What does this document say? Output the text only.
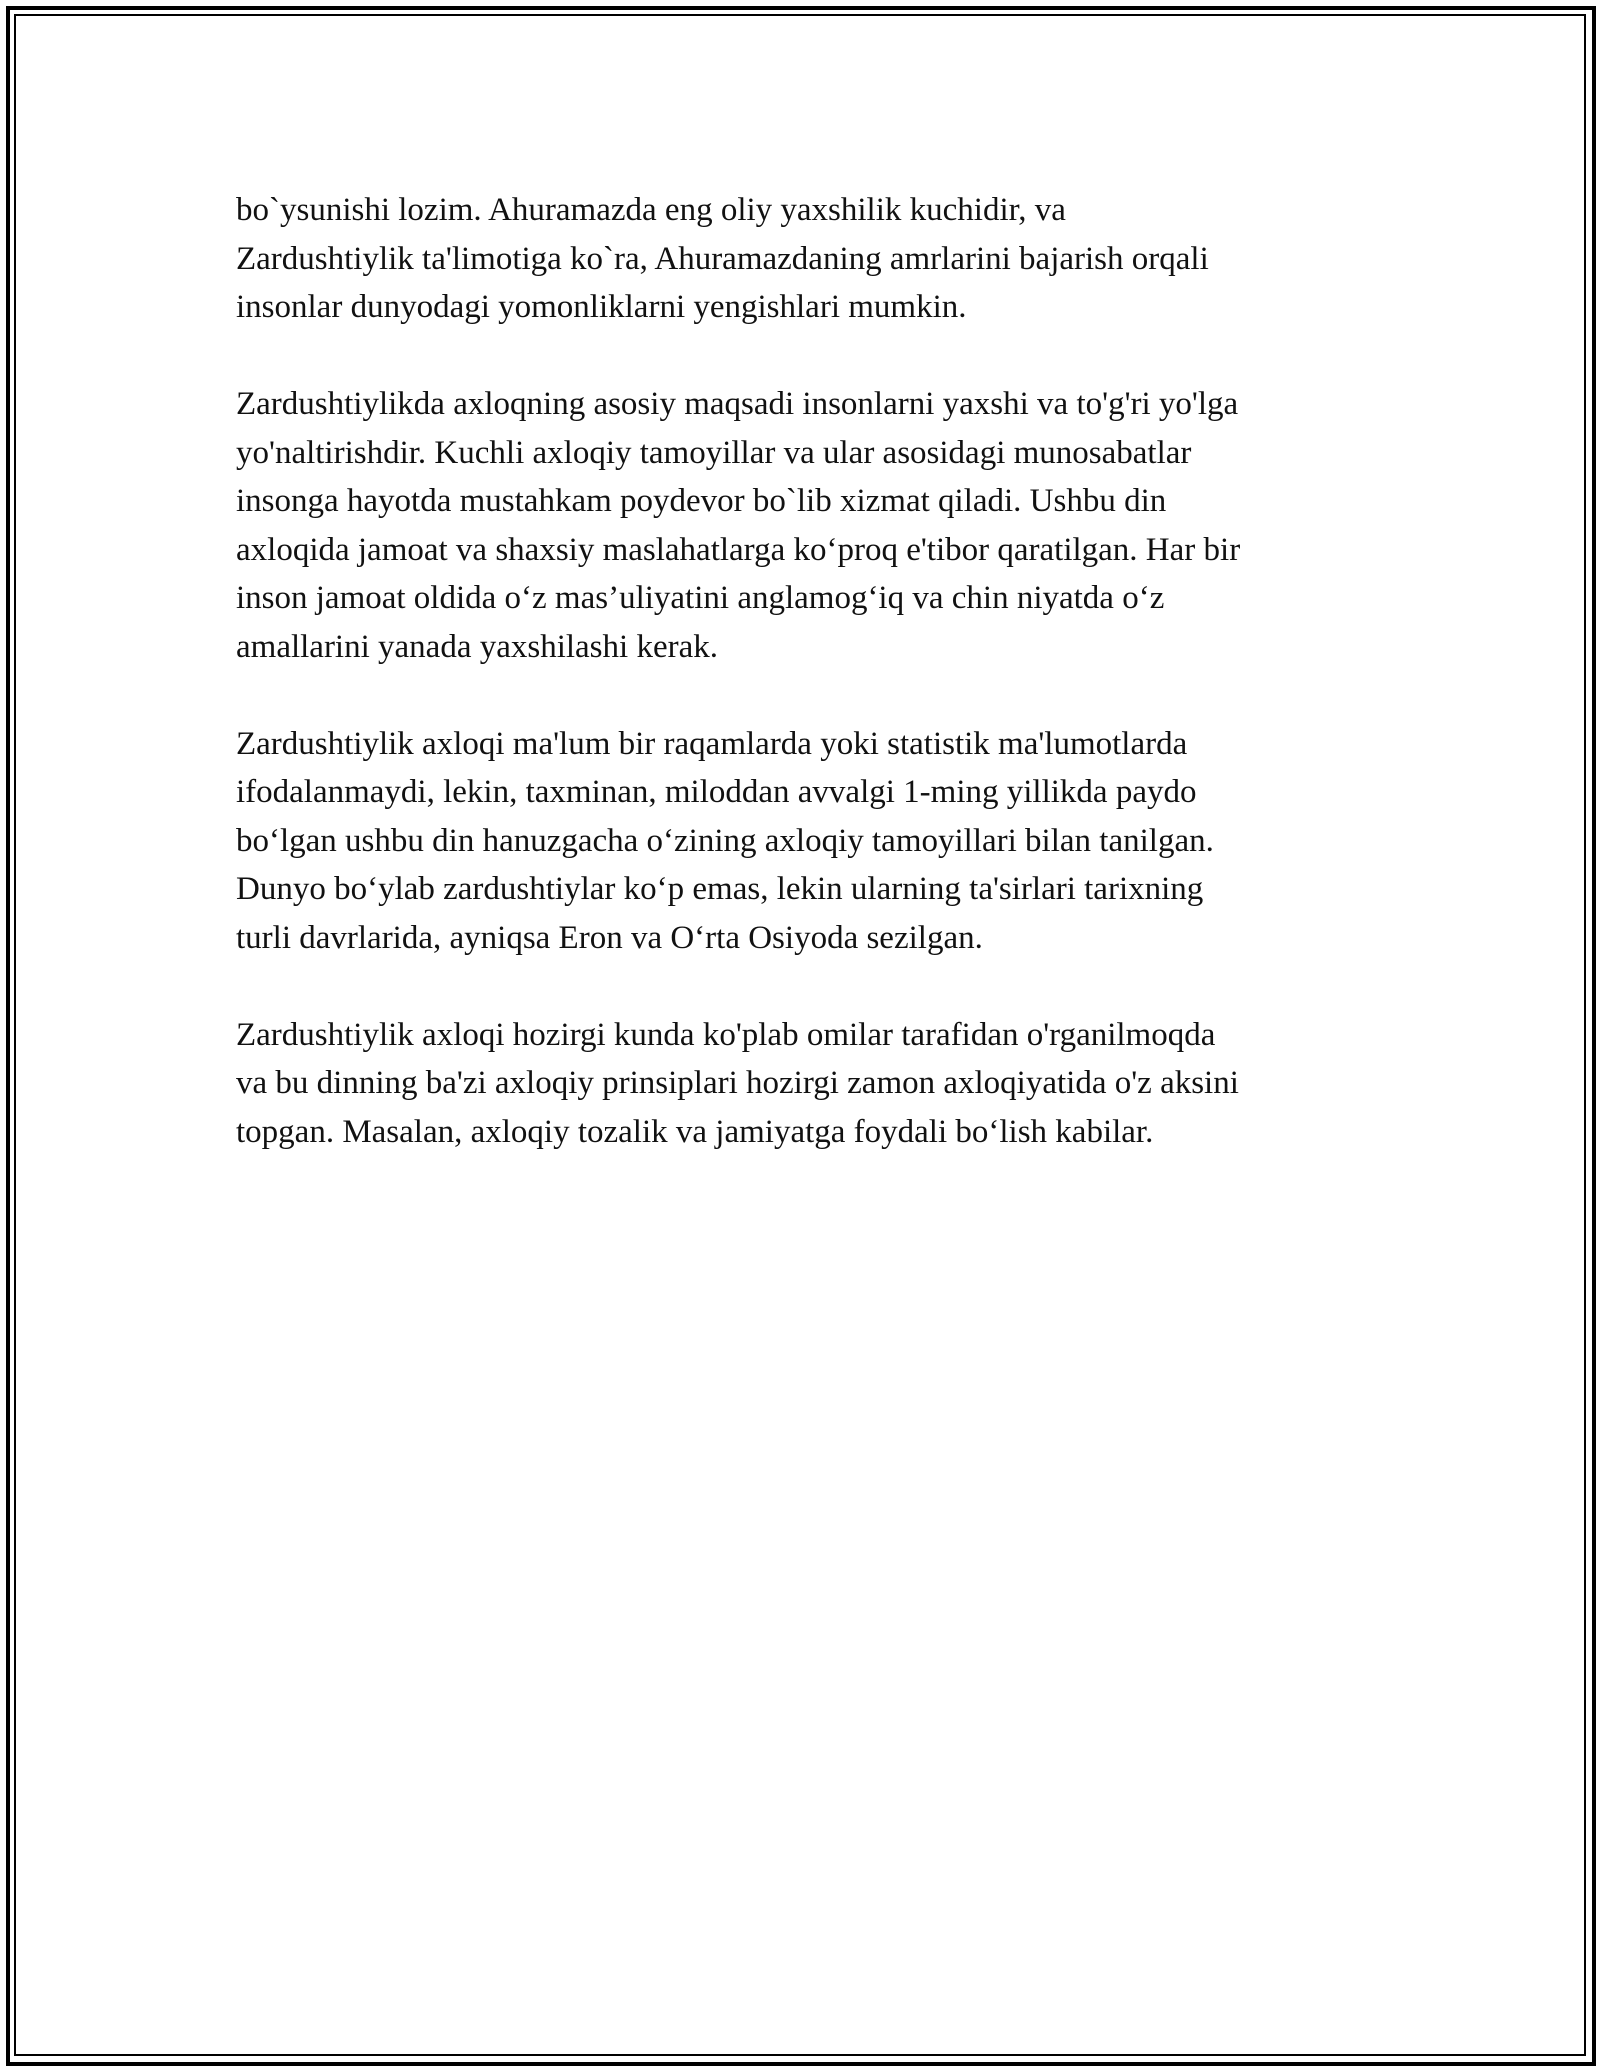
bo`ysunishi lozim. Ahuramazda eng oliy yaxshilik kuchidir, va
Zardushtiylik ta'limotiga ko`ra, Ahuramazdaning amrlarini bajarish orqali
insonlar dunyodagi yomonliklarni yengishlari mumkin.

Zardushtiylikda axloqning asosiy maqsadi insonlarni yaxshi va to'g'ri yo'lga
yo'naltirishdir. Kuchli axloqiy tamoyillar va ular asosidagi munosabatlar
insonga hayotda mustahkam poydevor bo`lib xizmat qiladi. Ushbu din
axloqida jamoat va shaxsiy maslahatlarga ko‘proq e'tibor qaratilgan. Har bir
inson jamoat oldida o‘z mas’uliyatini anglamog‘iq va chin niyatda o‘z
amallarini yanada yaxshilashi kerak.

Zardushtiylik axloqi ma'lum bir raqamlarda yoki statistik ma'lumotlarda
ifodalanmaydi, lekin, taxminan, miloddan avvalgi 1-ming yillikda paydo
bo‘lgan ushbu din hanuzgacha o‘zining axloqiy tamoyillari bilan tanilgan.
Dunyo bo‘ylab zardushtiylar ko‘p emas, lekin ularning ta'sirlari tarixning
turli davrlarida, ayniqsa Eron va O‘rta Osiyoda sezilgan.

Zardushtiylik axloqi hozirgi kunda ko'plab omilar tarafidan o'rganilmoqda
va bu dinning ba'zi axloqiy prinsiplari hozirgi zamon axloqiyatida o'z aksini
topgan. Masalan, axloqiy tozalik va jamiyatga foydali bo‘lish kabilar.
